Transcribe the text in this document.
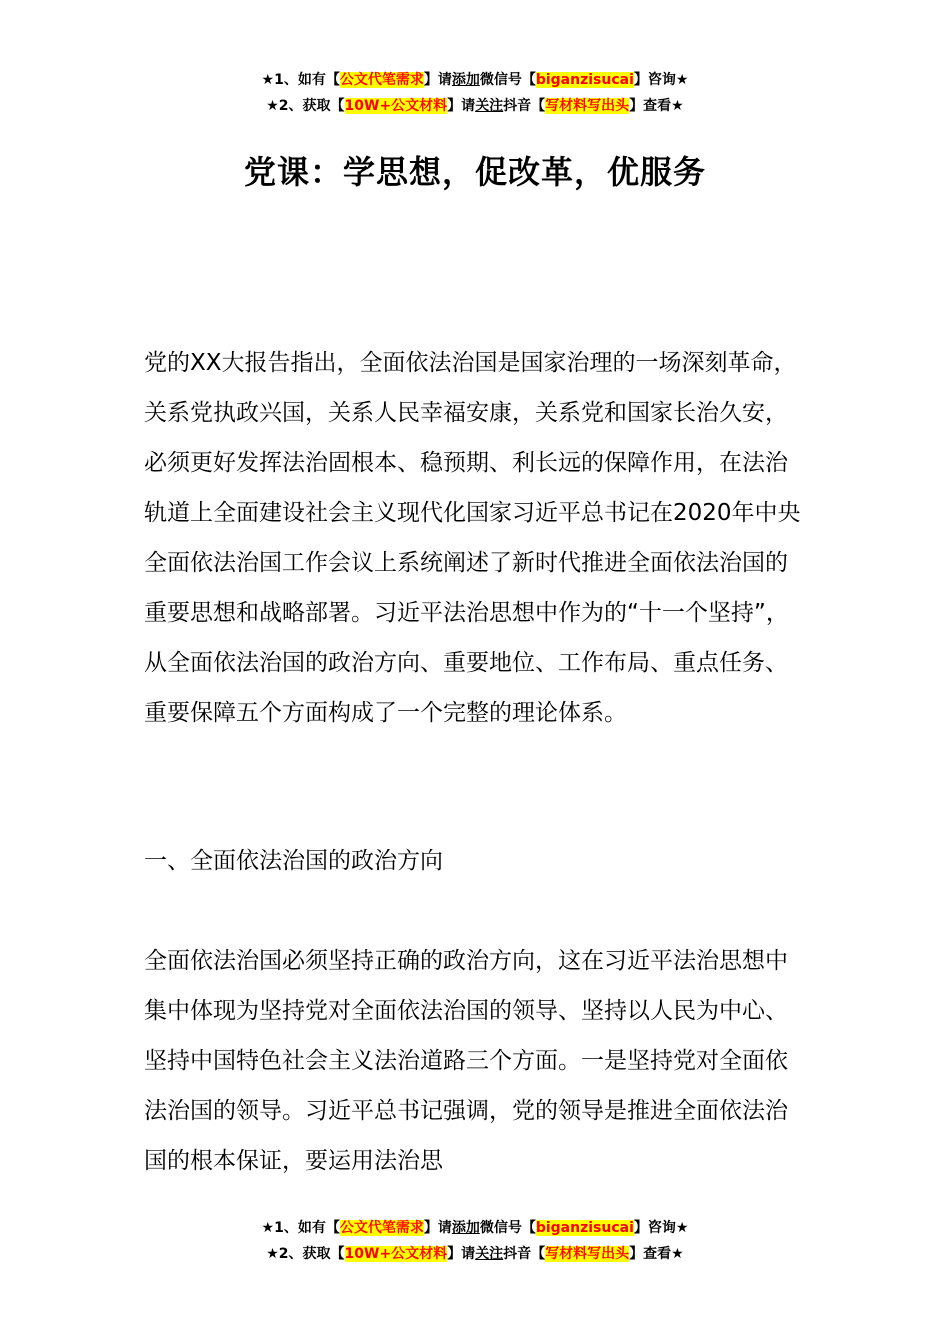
★1、如有【公文代笔需求】请添加微信号【biganzisucai】咨询★
★2、获取【10W+公文材料】请关注抖音【写材料写出头】查看★
党课：学思想，促改革，优服务

党的XX大报告指出，全面依法治国是国家治理的一场深刻革命，关系党执政兴国，关系人民幸福安康，关系党和国家长治久安，必须更好发挥法治固根本、稳预期、利长远的保障作用，在法治轨道上全面建设社会主义现代化国家习近平总书记在2020年中央全面依法治国工作会议上系统阐述了新时代推进全面依法治国的重要思想和战略部署。习近平法治思想中作为的“十一个坚持”，从全面依法治国的政治方向、重要地位、工作布局、重点任务、重要保障五个方面构成了一个完整的理论体系。

一、全面依法治国的政治方向

全面依法治国必须坚持正确的政治方向，这在习近平法治思想中集中体现为坚持党对全面依法治国的领导、坚持以人民为中心、坚持中国特色社会主义法治道路三个方面。一是坚持党对全面依法治国的领导。习近平总书记强调，党的领导是推进全面依法治国的根本保证，要运用法治思

★1、如有【公文代笔需求】请添加微信号【biganzisucai】咨询★
★2、获取【10W+公文材料】请关注抖音【写材料写出头】查看★
